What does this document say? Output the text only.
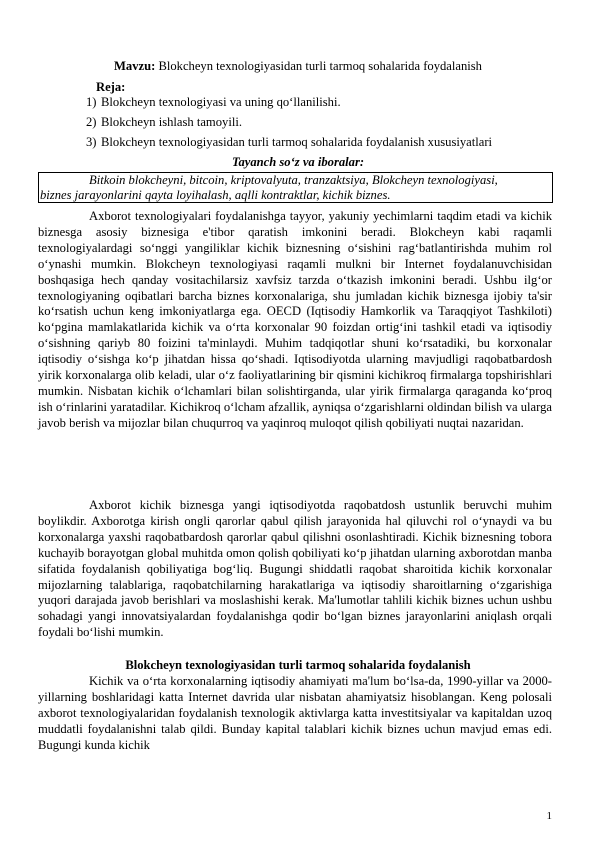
Mavzu: Blokcheyn texnologiyasidan turli tarmoq sohalarida foydalanish
Reja:
1) Blokcheyn texnologiyasi va uning qo‘llanilishi.
2) Blokcheyn ishlash tamoyili.
3) Blokcheyn texnologiyasidan turli tarmoq sohalarida foydalanish xususiyatlari
Tayanch so‘z va iboralar:
Bitkoin blokcheyni, bitcoin, kriptovalyuta, tranzaktsiya, Blokcheyn texnologiyasi,
biznes jarayonlarini qayta loyihalash, aqlli kontraktlar, kichik biznes.
Axborot texnologiyalari foydalanishga tayyor, yakuniy yechimlarni taqdim etadi va kichik biznesga asosiy biznesiga e'tibor qaratish imkonini beradi. Blokcheyn kabi raqamli texnologiyalardagi so‘nggi yangiliklar kichik biznesning o‘sishini rag‘batlantirishda muhim rol o‘ynashi mumkin. Blokcheyn texnologiyasi raqamli mulkni bir Internet foydalanuvchisidan boshqasiga hech qanday vositachilarsiz xavfsiz tarzda o‘tkazish imkonini beradi. Ushbu ilg‘or texnologiyaning oqibatlari barcha biznes korxonalariga, shu jumladan kichik biznesga ijobiy ta'sir ko‘rsatish uchun keng imkoniyatlarga ega. OECD (Iqtisodiy Hamkorlik va Taraqqiyot Tashkiloti) ko‘pgina mamlakatlarida kichik va o‘rta korxonalar 90 foizdan ortig‘ini tashkil etadi va iqtisodiy o‘sishning qariyb 80 foizini ta'minlaydi. Muhim tadqiqotlar shuni ko‘rsatadiki, bu korxonalar iqtisodiy o‘sishga ko‘p jihatdan hissa qo‘shadi. Iqtisodiyotda ularning mavjudligi raqobatbardosh yirik korxonalarga olib keladi, ular o‘z faoliyatlarining bir qismini kichikroq firmalarga topshirishlari mumkin. Nisbatan kichik o‘lchamlari bilan solishtirganda, ular yirik firmalarga qaraganda ko‘proq ish o‘rinlarini yaratadilar. Kichikroq o‘lcham afzallik, ayniqsa o‘zgarishlarni oldindan bilish va ularga javob berish va mijozlar bilan chuqurroq va yaqinroq muloqot qilish qobiliyati nuqtai nazaridan.
Axborot kichik biznesga yangi iqtisodiyotda raqobatdosh ustunlik beruvchi muhim boylikdir. Axborotga kirish ongli qarorlar qabul qilish jarayonida hal qiluvchi rol o‘ynaydi va bu korxonalarga yaxshi raqobatbardosh qarorlar qabul qilishni osonlashtiradi. Kichik biznesning tobora kuchayib borayotgan global muhitda omon qolish qobiliyati ko‘p jihatdan ularning axborotdan manba sifatida foydalanish qobiliyatiga bog‘liq. Bugungi shiddatli raqobat sharoitida kichik korxonalar mijozlarning talablariga, raqobatchilarning harakatlariga va iqtisodiy sharoitlarning o‘zgarishiga yuqori darajada javob berishlari va moslashishi kerak. Ma'lumotlar tahlili kichik biznes uchun ushbu sohadagi yangi innovatsiyalardan foydalanishga qodir bo‘lgan biznes jarayonlarini aniqlash orqali foydali bo‘lishi mumkin.
Blokcheyn texnologiyasidan turli tarmoq sohalarida foydalanish
Kichik va o‘rta korxonalarning iqtisodiy ahamiyati ma'lum bo‘lsa-da, 1990-yillar va 2000-yillarning boshlaridagi katta Internet davrida ular nisbatan ahamiyatsiz hisoblangan. Keng polosali axborot texnologiyalaridan foydalanish texnologik aktivlarga katta investitsiyalar va kapitaldan uzoq muddatli foydalanishni talab qildi. Bunday kapital talablari kichik biznes uchun mavjud emas edi. Bugungi kunda kichik
1
